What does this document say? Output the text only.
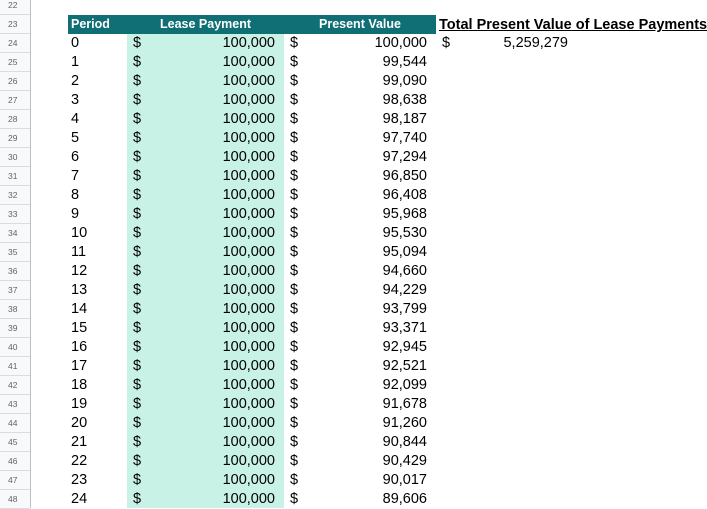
Period	Lease Payment	Present Value	Total Present Value of Lease Payments
$	5,259,279
22
23
24
25
26
27
28
29
30
31
32
33
34
35
36
37
38
39
40
41
42
43
44
45
46
47
48
0	$	100,000 $	100,000
1	$	100,000 $	99,544
2	$	100,000 $	99,090
3	$	100,000 $	98,638
4	$	100,000 $	98,187
5	$	100,000 $	97,740
6	$	100,000 $	97,294
7	$	100,000 $	96,850
8	$	100,000 $	96,408
9	$	100,000 $	95,968
10	$	100,000 $	95,530
11	$	100,000 $	95,094
12	$	100,000 $	94,660
13	$	100,000 $	94,229
14	$	100,000 $	93,799
15	$	100,000 $	93,371
16	$	100,000 $	92,945
17	$	100,000 $	92,521
18	$	100,000 $	92,099
19	$	100,000 $	91,678
20	$	100,000 $	91,260
21	$	100,000 $	90,844
22	$	100,000 $	90,429
23	$	100,000 $	90,017
24	$	100,000 $	89,606
